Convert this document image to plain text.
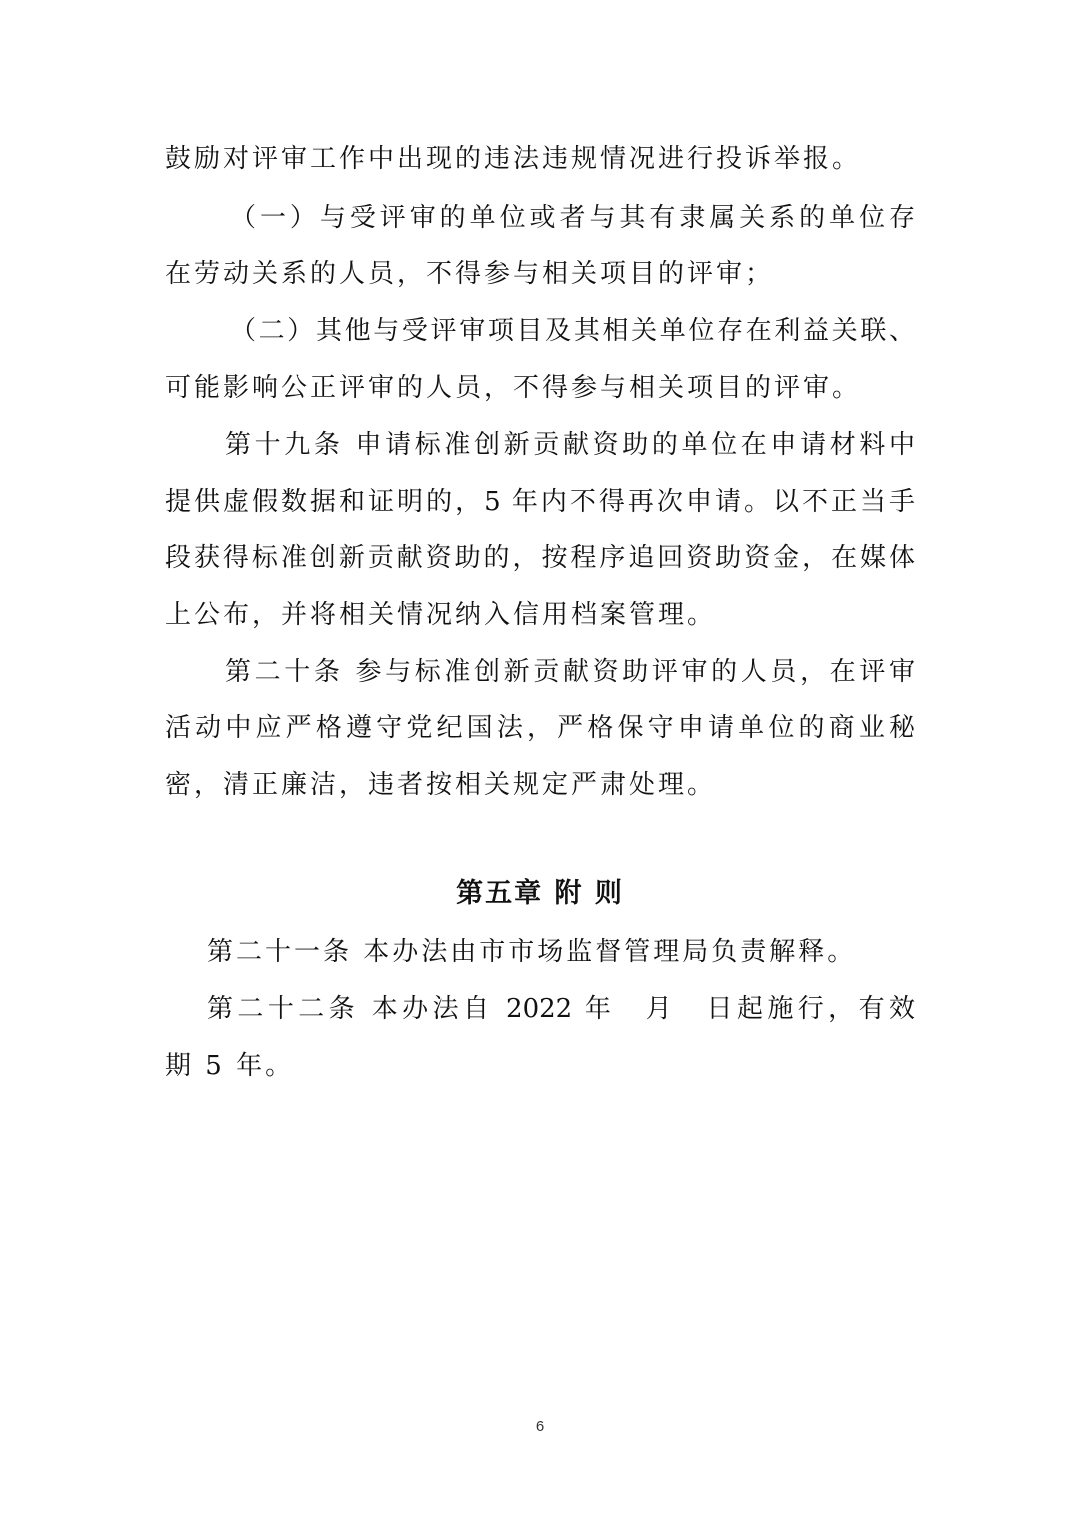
鼓励对评审工作中出现的违法违规情况进行投诉举报。
（一）与受评审的单位或者与其有隶属关系的单位存
在劳动关系的人员，不得参与相关项目的评审；
（二）其他与受评审项目及其相关单位存在利益关联、
可能影响公正评审的人员，不得参与相关项目的评审。
第十九条 申请标准创新贡献资助的单位在申请材料中
提供虚假数据和证明的，5 年内不得再次申请。以不正当手
段获得标准创新贡献资助的，按程序追回资助资金，在媒体
上公布，并将相关情况纳入信用档案管理。
第二十条 参与标准创新贡献资助评审的人员，在评审
活动中应严格遵守党纪国法，严格保守申请单位的商业秘
密，清正廉洁，违者按相关规定严肃处理。
第五章 附 则
第二十一条 本办法由市市场监督管理局负责解释。
第二十二条 本办法自 2022 年　月　日起施行，有效
期 5 年。
6
